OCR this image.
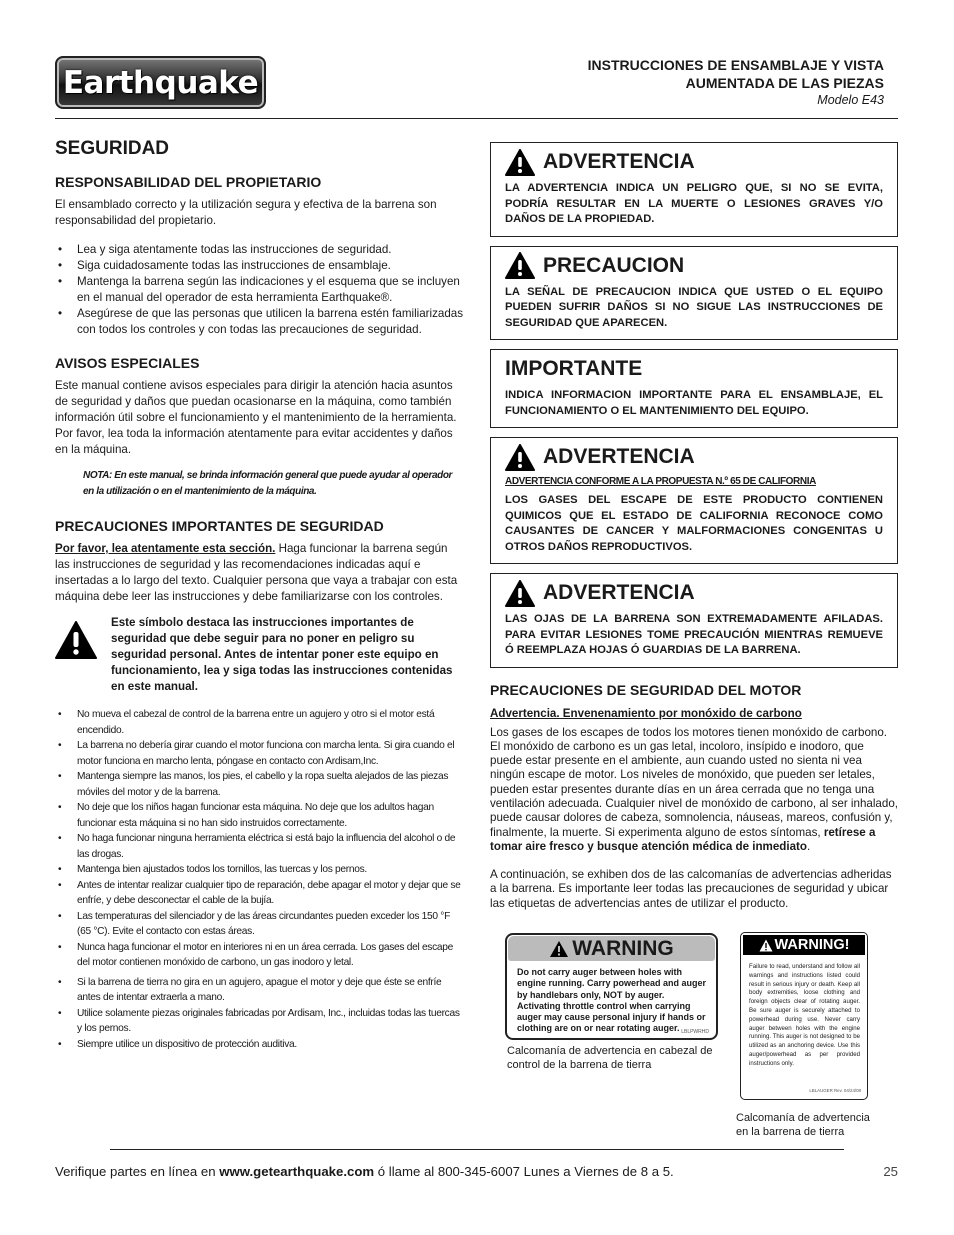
Earthquake	INSTRUCCIONES DE ENSAMBLAJE Y VISTA
AUMENTADA DE LAS PIEZAS
Modelo E43
SEGURIDAD
RESPONSABILIDAD DEL PROPIETARIO

El ensamblado correcto y la utilización segura y efectiva de la barrena son responsabilidad del propietario.

• Lea y siga atentamente todas las instrucciones de seguridad.
• Siga cuidadosamente todas las instrucciones de ensamblaje.
• Mantenga la barrena según las indicaciones y el esquema que se incluyen en el manual del operador de esta herramienta Earthquake®.
• Asegúrese de que las personas que utilicen la barrena estén familiarizadas con todos los controles y con todas las precauciones de seguridad.
AVISOS ESPECIALES

Este manual contiene avisos especiales para dirigir la atención hacia asuntos de seguridad y daños que puedan ocasionarse en la máquina, como también información útil sobre el funcionamiento y el mantenimiento de la herramienta. Por favor, lea toda la información atentamente para evitar accidentes y daños en la máquina.

NOTA: En este manual, se brinda información general que puede ayudar al operador en la utilización o en el mantenimiento de la máquina.
PRECAUCIONES IMPORTANTES DE SEGURIDAD

Por favor, lea atentamente esta sección. Haga funcionar la barrena según las instrucciones de seguridad y las recomendaciones indicadas aquí e insertadas a lo largo del texto. Cualquier persona que vaya a trabajar con esta máquina debe leer las instrucciones y debe familiarizarse con los controles.

Este símbolo destaca las instrucciones importantes de seguridad que debe seguir para no poner en peligro su seguridad personal. Antes de intentar poner este equipo en funcionamiento, lea y siga todas las instrucciones contenidas en este manual.

• No mueva el cabezal de control de la barrena entre un agujero y otro si el motor está encendido.
• La barrena no debería girar cuando el motor funciona con marcha lenta. Si gira cuando el motor funciona en marcho lenta, póngase en contacto con Ardisam,Inc.
• Mantenga siempre las manos, los pies, el cabello y la ropa suelta alejados de las piezas móviles del motor y de la barrena.
• No deje que los niños hagan funcionar esta máquina. No deje que los adultos hagan funcionar esta máquina si no han sido instruidos correctamente.
• No haga funcionar ninguna herramienta eléctrica si está bajo la influencia del alcohol o de las drogas.
• Mantenga bien ajustados todos los tornillos, las tuercas y los pernos.
• Antes de intentar realizar cualquier tipo de reparación, debe apagar el motor y dejar que se enfríe, y debe desconectar el cable de la bujía.
• Las temperaturas del silenciador y de las áreas circundantes pueden exceder los 150 °F (65 °C). Evite el contacto con estas áreas.
• Nunca haga funcionar el motor en interiores ni en un área cerrada. Los gases del escape del motor contienen monóxido de carbono, un gas inodoro y letal.
• Si la barrena de tierra no gira en un agujero, apague el motor y deje que éste se enfríe antes de intentar extraerla a mano.
• Utilice solamente piezas originales fabricadas por Ardisam, Inc., incluidas todas las tuercas y los pernos.
• Siempre utilice un dispositivo de protección auditiva.
ADVERTENCIA
LA ADVERTENCIA INDICA UN PELIGRO QUE, SI NO SE EVITA, PODRÍA RESULTAR EN LA MUERTE O LESIONES GRAVES Y/O DAÑOS DE LA PROPIEDAD.
PRECAUCION
LA SEÑAL DE PRECAUCION INDICA QUE USTED O EL EQUIPO PUEDEN SUFRIR DAÑOS SI NO SIGUE LAS INSTRUCCIONES DE SEGURIDAD QUE APARECEN.
IMPORTANTE
INDICA INFORMACION IMPORTANTE PARA EL ENSAMBLAJE, EL FUNCIONAMIENTO O EL MANTENIMIENTO DEL EQUIPO.
ADVERTENCIA
ADVERTENCIA CONFORME A LA PROPUESTA N.º 65 DE CALIFORNIA
LOS GASES DEL ESCAPE DE ESTE PRODUCTO CONTIENEN QUIMICOS QUE EL ESTADO DE CALIFORNIA RECONOCE COMO CAUSANTES DE CANCER Y MALFORMACIONES CONGENITAS U OTROS DAÑOS REPRODUCTIVOS.
ADVERTENCIA
LAS OJAS DE LA BARRENA SON EXTREMADAMENTE AFILADAS. PARA EVITAR LESIONES TOME PRECAUCIÓN MIENTRAS REMUEVE Ó REEMPLAZA HOJAS Ó GUARDIAS DE LA BARRENA.
PRECAUCIONES DE SEGURIDAD DEL MOTOR
Advertencia. Envenenamiento por monóxido de carbono

Los gases de los escapes de todos los motores tienen monóxido de carbono. El monóxido de carbono es un gas letal, incoloro, insípido e inodoro, que puede estar presente en el ambiente, aun cuando usted no sienta ni vea ningún escape de motor. Los niveles de monóxido, que pueden ser letales, pueden estar presentes durante días en un área cerrada que no tenga una ventilación adecuada. Cualquier nivel de monóxido de carbono, al ser inhalado, puede causar dolores de cabeza, somnolencia, náuseas, mareos, confusión y, finalmente, la muerte. Si experimenta alguno de estos síntomas, retírese a tomar aire fresco y busque atención médica de inmediato.

A continuación, se exhiben dos de las calcomanías de advertencias adheridas a la barrena. Es importante leer todas las precauciones de seguridad y ubicar las etiquetas de advertencias antes de utilizar el producto.

WARNING
Do not carry auger between holes with engine running. Carry powerhead and auger by handlebars only, NOT by auger. Activating throttle control when carrying auger may cause personal injury if hands or clothing are on or near rotating auger. LBLPWRHD
Calcomanía de advertencia en cabezal de control de la barrena de tierra
WARNING!
Failure to read, understand and follow all warnings and instructions listed could result in serious injury or death. Keep all body extremities, loose clothing and foreign objects clear of rotating auger. Be sure auger is securely attached to powerhead during use. Never carry auger between holes with the engine running. This auger is not designed to be utilized as an anchoring device. Use this auger/powerhead as per provided instructions only.
LBLAUGER Rev. 04/24/08
Calcomanía de advertencia en la barrena de tierra
Verifique partes en línea en www.getearthquake.com ó llame al 800-345-6007 Lunes a Viernes de 8 a 5.	25
